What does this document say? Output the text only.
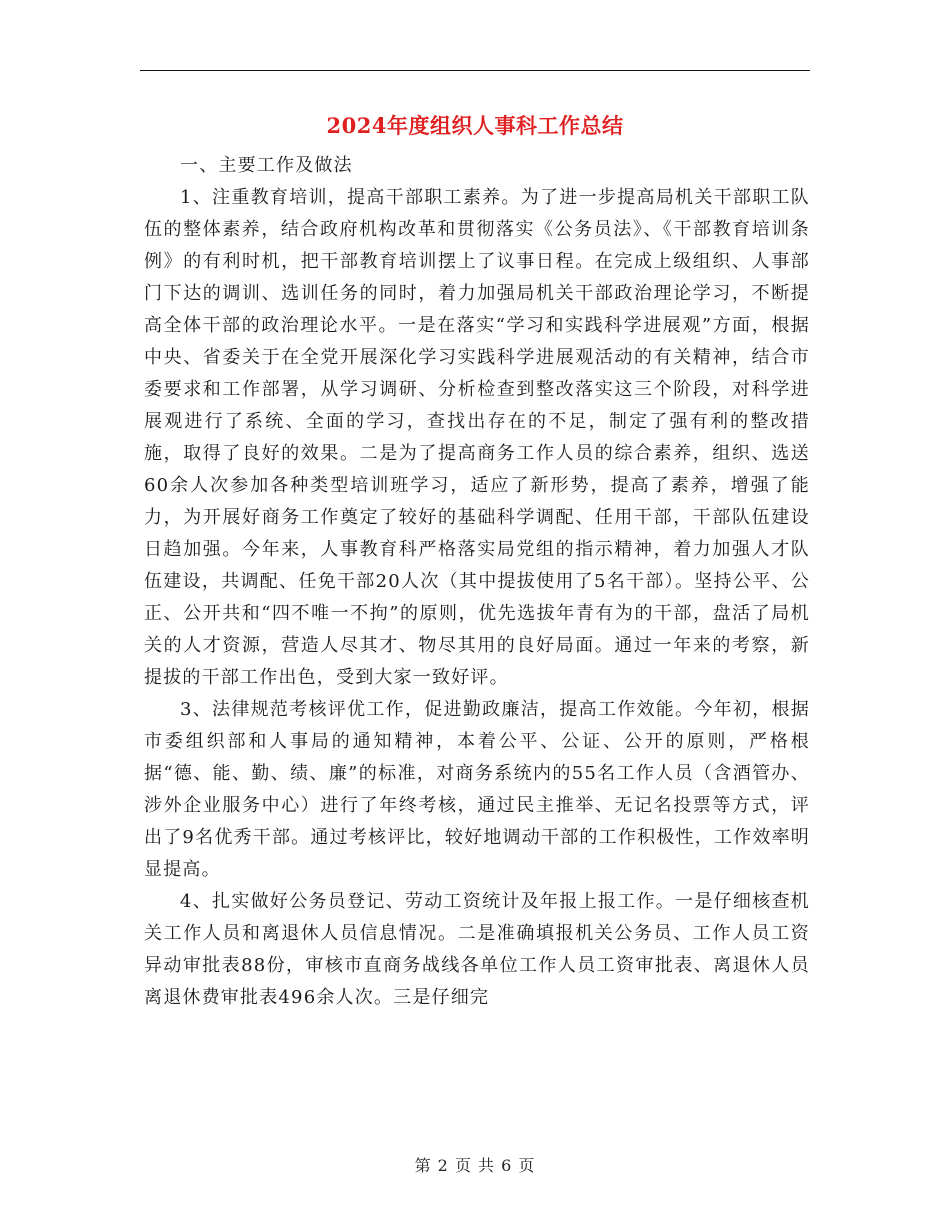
2024年度组织人事科工作总结

一、主要工作及做法

1、注重教育培训，提高干部职工素养。为了进一步提高局机关干部职工队伍的整体素养，结合政府机构改革和贯彻落实《公务员法》、《干部教育培训条例》的有利时机，把干部教育培训摆上了议事日程。在完成上级组织、人事部门下达的调训、选训任务的同时，着力加强局机关干部政治理论学习，不断提高全体干部的政治理论水平。一是在落实“学习和实践科学进展观”方面，根据中央、省委关于在全党开展深化学习实践科学进展观活动的有关精神，结合市委要求和工作部署，从学习调研、分析检查到整改落实这三个阶段，对科学进展观进行了系统、全面的学习，查找出存在的不足，制定了强有利的整改措施，取得了良好的效果。二是为了提高商务工作人员的综合素养，组织、选送60余人次参加各种类型培训班学习，适应了新形势，提高了素养，增强了能力，为开展好商务工作奠定了较好的基础科学调配、任用干部，干部队伍建设日趋加强。今年来，人事教育科严格落实局党组的指示精神，着力加强人才队伍建设，共调配、任免干部20人次（其中提拔使用了5名干部）。坚持公平、公正、公开共和“四不唯一不拘”的原则，优先选拔年青有为的干部，盘活了局机关的人才资源，营造人尽其才、物尽其用的良好局面。通过一年来的考察，新提拔的干部工作出色，受到大家一致好评。

3、法律规范考核评优工作，促进勤政廉洁，提高工作效能。今年初，根据市委组织部和人事局的通知精神，本着公平、公证、公开的原则，严格根据“德、能、勤、绩、廉”的标准，对商务系统内的55名工作人员（含酒管办、涉外企业服务中心）进行了年终考核，通过民主推举、无记名投票等方式，评出了9名优秀干部。通过考核评比，较好地调动干部的工作积极性，工作效率明显提高。

4、扎实做好公务员登记、劳动工资统计及年报上报工作。一是仔细核查机关工作人员和离退休人员信息情况。二是准确填报机关公务员、工作人员工资异动审批表88份，审核市直商务战线各单位工作人员工资审批表、离退休人员离退休费审批表496余人次。三是仔细完

第 2 页 共 6 页
